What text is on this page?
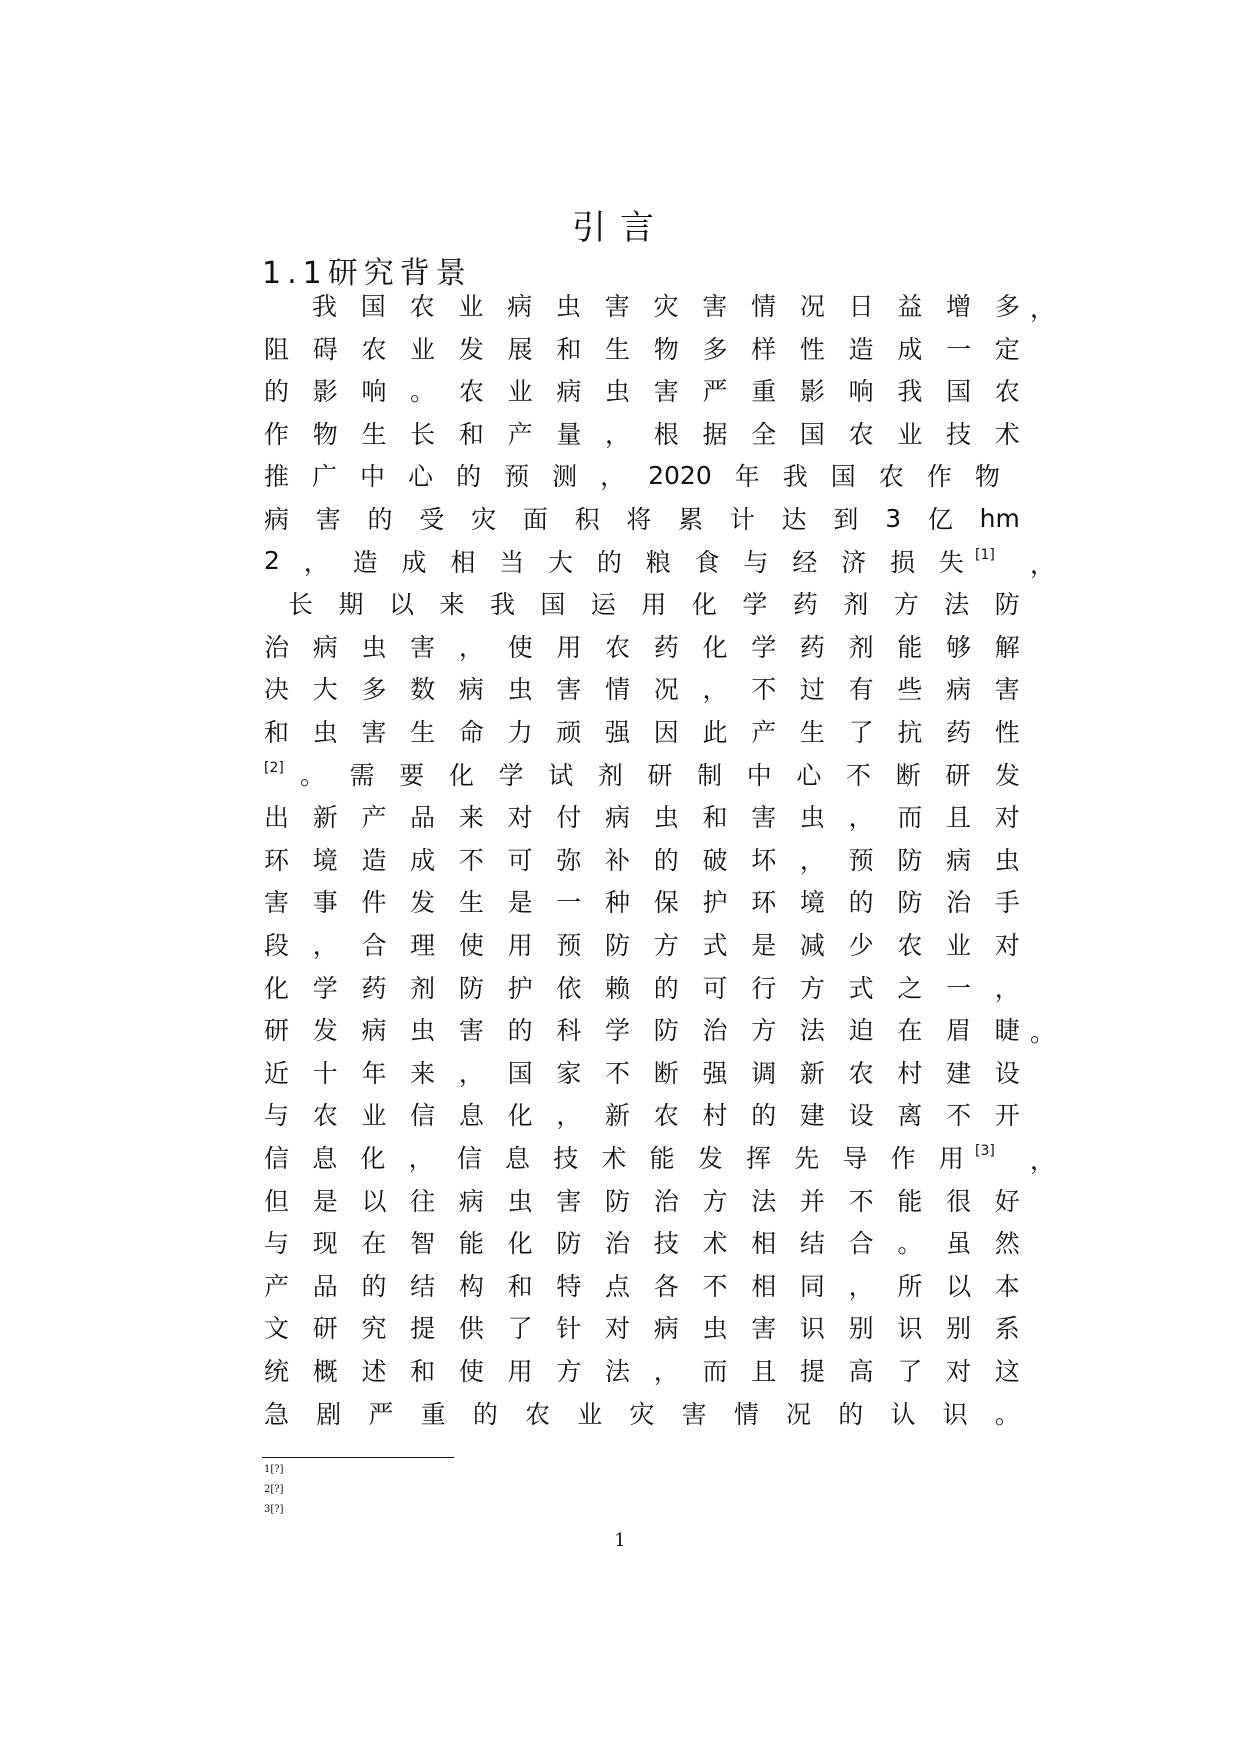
引言
1.1研究背景
我 国 农 业 病 虫 害 灾 害 情 况 日 益 增 多
阻 碍 农 业 发 展 和 生 物 多 样 性 造 成 一 定
的 影 响 。 农 业 病 虫 害 严 重 影 响 我 国 农
作 物 生 长 和 产 量 ， 根 据 全 国 农 业 技 术
推 广 中 心 的 预 测 ， 2020 年 我 国 农 作 物
病 害 的 受 灾 面 积 将 累 计 达 到 3 亿 hm
2 ， 造 成 相 当 大 的 粮 食 与 经 济 损 失
长 期 以 来 我 国 运 用 化 学 药 剂 方 法 防
治 病 虫 害 ， 使 用 农 药 化 学 药 剂 能 够 解
决 大 多 数 病 虫 害 情 况 ， 不 过 有 些 病 害
和 虫 害 生 命 力 顽 强 因 此 产 生 了 抗 药 性
。 需 要 化 学 试 剂 研 制 中 心 不 断 研 发
出 新 产 品 来 对 付 病 虫 和 害 虫 ， 而 且 对
环 境 造 成 不 可 弥 补 的 破 坏 ， 预 防 病 虫
害 事 件 发 生 是 一 种 保 护 环 境 的 防 治 手
段 ， 合 理 使 用 预 防 方 式 是 减 少 农 业 对
化 学 药 剂 防 护 依 赖 的 可 行 方 式 之 一 ，
研 发 病 虫 害 的 科 学 防 治 方 法 迫 在 眉 睫
近 十 年 来 ， 国 家 不 断 强 调 新 农 村 建 设
与 农 业 信 息 化 ， 新 农 村 的 建 设 离 不 开
信 息 化 ， 信 息 技 术 能 发 挥 先 导 作 用
但 是 以 往 病 虫 害 防 治 方 法 并 不 能 很 好
与 现 在 智 能 化 防 治 技 术 相 结 合 。 虽 然
产 品 的 结 构 和 特 点 各 不 相 同 ， 所 以 本
文 研 究 提 供 了 针 对 病 虫 害 识 别 识 别 系
统 概 述 和 使 用 方 法 ， 而 且 提 高 了 对 这
急 剧 严 重 的 农 业 灾 害 情 况 的 认 识 。
1[?]
2[?]
3[?]
1
，
[1] ，
[2]
。
[3] ，
